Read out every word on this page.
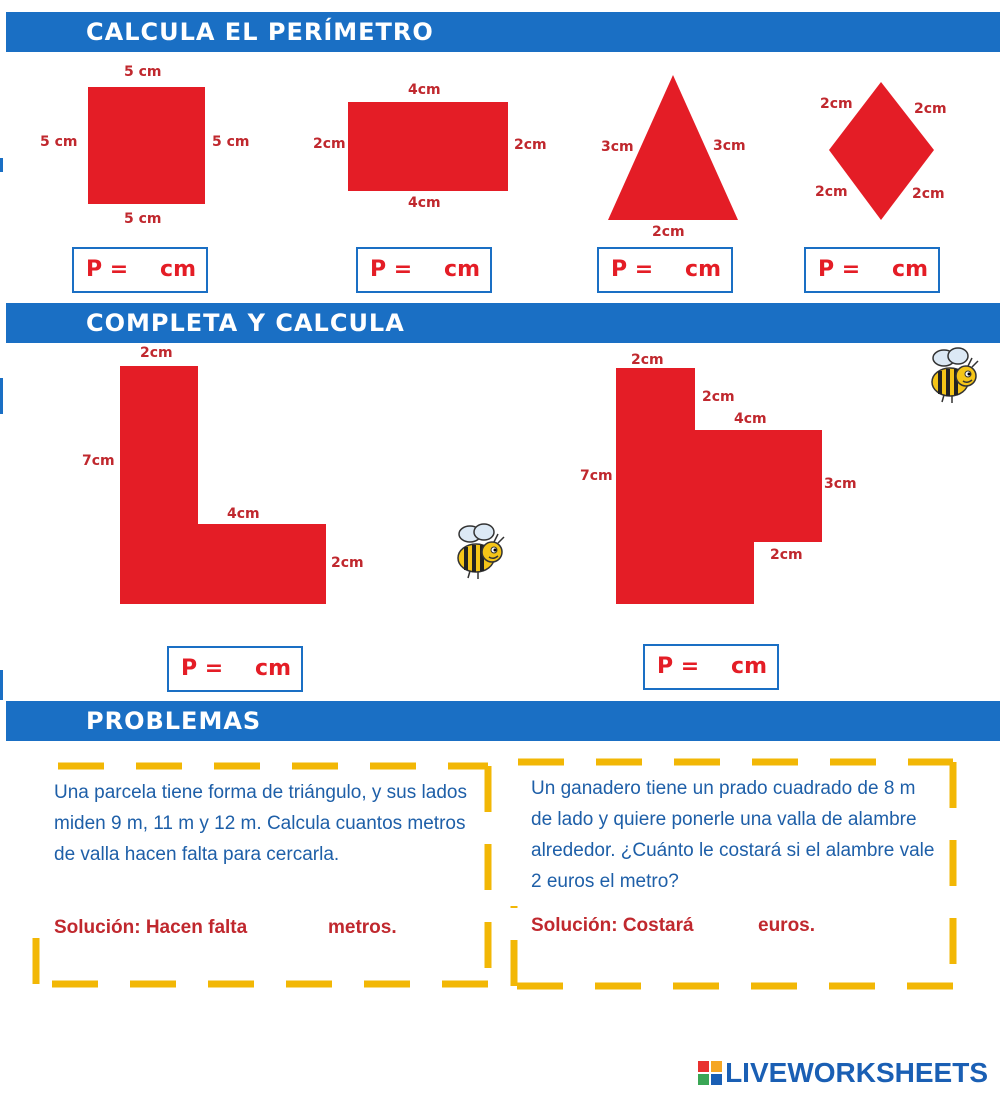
CALCULA EL PERÍMETRO
5 cm
5 cm	5 cm
5 cm
4cm
2cm	2cm
4cm
3cm	3cm
2cm
2cm	2cm
2cm	2cm
P = cm	P = cm	P = cm	P = cm
COMPLETA Y CALCULA
2cm
7cm
4cm
2cm
2cm
2cm
4cm
7cm	3cm
2cm
P = cm	P = cm
PROBLEMAS
Una parcela tiene forma de triángulo, y sus lados miden 9 m, 11 m y 12 m. Calcula cuantos metros de valla hacen falta para cercarla.
Solución: Hacen falta	metros.
Un ganadero tiene un prado cuadrado de 8 m de lado y quiere ponerle una valla de alambre alrededor. ¿Cuánto le costará si el alambre vale 2 euros el metro?
Solución: Costará	euros.
LIVEWORKSHEETS
